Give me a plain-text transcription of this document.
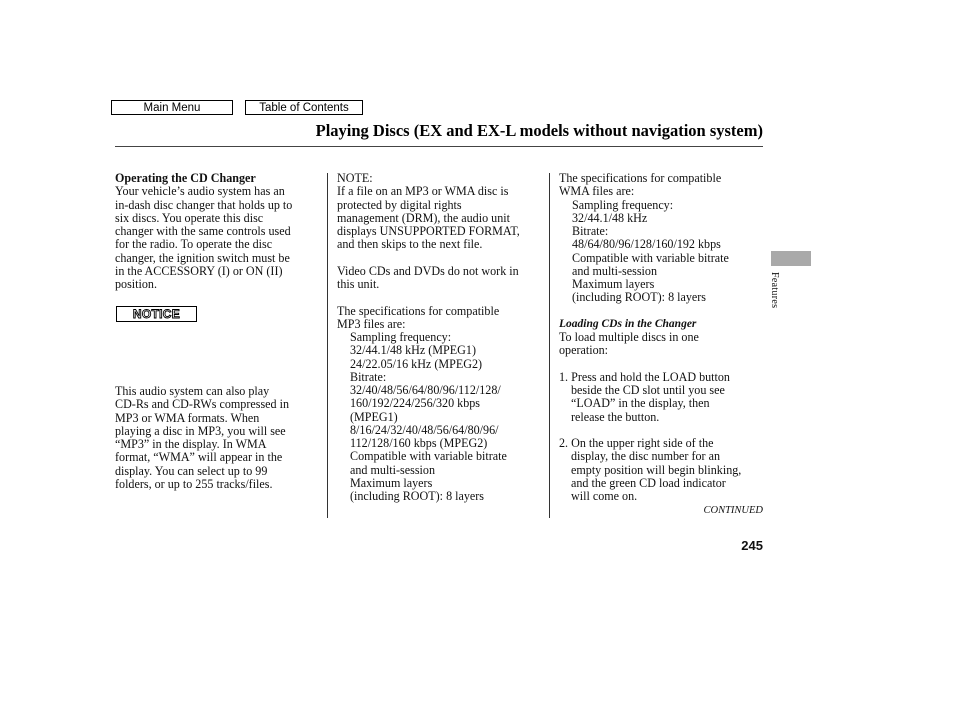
Main Menu	Table of Contents
Playing Discs (EX and EX-L models without navigation system)
Operating the CD Changer
Your vehicle’s audio system has an
in-dash disc changer that holds up to
six discs. You operate this disc
changer with the same controls used
for the radio. To operate the disc
changer, the ignition switch must be
in the ACCESSORY (I) or ON (II)
position.
NOTICE
This audio system can also play
CD-Rs and CD-RWs compressed in
MP3 or WMA formats. When
playing a disc in MP3, you will see
“MP3” in the display. In WMA
format, “WMA” will appear in the
display. You can select up to 99
folders, or up to 255 tracks/files.
NOTE:
If a file on an MP3 or WMA disc is
protected by digital rights
management (DRM), the audio unit
displays UNSUPPORTED FORMAT,
and then skips to the next file.
Video CDs and DVDs do not work in
this unit.
The specifications for compatible
MP3 files are:
Sampling frequency:
32/44.1/48 kHz (MPEG1)
24/22.05/16 kHz (MPEG2)
Bitrate:
32/40/48/56/64/80/96/112/128/
160/192/224/256/320 kbps
(MPEG1)
8/16/24/32/40/48/56/64/80/96/
112/128/160 kbps (MPEG2)
Compatible with variable bitrate
and multi-session
Maximum layers
(including ROOT): 8 layers
The specifications for compatible
WMA files are:
Sampling frequency:
32/44.1/48 kHz
Bitrate:
48/64/80/96/128/160/192 kbps
Compatible with variable bitrate
and multi-session
Maximum layers
(including ROOT): 8 layers
Loading CDs in the Changer
To load multiple discs in one
operation:
1. Press and hold the LOAD button
beside the CD slot until you see
“LOAD” in the display, then
release the button.
2. On the upper right side of the
display, the disc number for an
empty position will begin blinking,
and the green CD load indicator
will come on.
CONTINUED
245
Features
